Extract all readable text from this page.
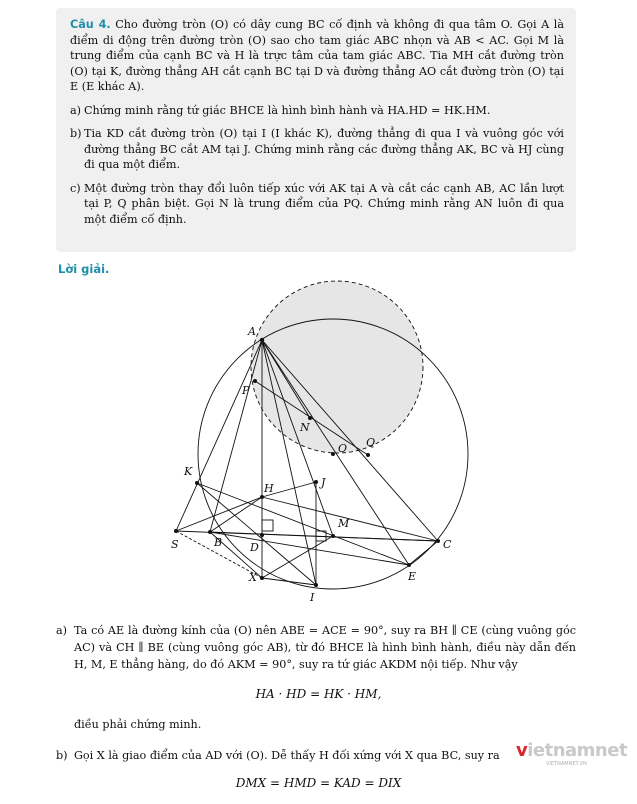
Câu 4. Cho đường tròn (O) có dây cung BC cố định và không đi qua tâm O. Gọi A là điểm di động trên đường tròn (O) sao cho tam giác ABC nhọn và AB < AC. Gọi M là trung điểm của cạnh BC và H là trực tâm của tam giác ABC. Tia MH cắt đường tròn (O) tại K, đường thẳng AH cắt cạnh BC tại D và đường thẳng AO cắt đường tròn (O) tại E (E khác A).

a) Chứng minh rằng tứ giác BHCE là hình bình hành và HA.HD = HK.HM.
b) Tia KD cắt đường tròn (O) tại I (I khác K), đường thẳng đi qua I và vuông góc với đường thẳng BC cắt AM tại J. Chứng minh rằng các đường thẳng AK, BC và HJ cùng đi qua một điểm.
c) Một đường tròn thay đổi luôn tiếp xúc với AK tại A và cắt các cạnh AB, AC lần lượt tại P, Q phân biệt. Gọi N là trung điểm của PQ. Chứng minh rằng AN luôn đi qua một điểm cố định.
Lời giải.
A
P
N
O Q
K
J
H
M
S	B	D	C
X	E
I
a) Ta có AE là đường kính của (O) nên ABE = ACE = 90°, suy ra BH ∥ CE (cùng vuông góc AC) và CH ∥ BE (cùng vuông góc AB), từ đó BHCE là hình bình hành, điều này dẫn đến H, M, E thẳng hàng, do đó AKM = 90°, suy ra tứ giác AKDM nội tiếp. Như vậy
HA · HD = HK · HM,
điều phải chứng minh.
b) Gọi X là giao điểm của AD với (O). Dễ thấy H đối xứng với X qua BC, suy ra
DMX = HMD = KAD = DIX
vietnamnet
VIETNAMNET.VN
